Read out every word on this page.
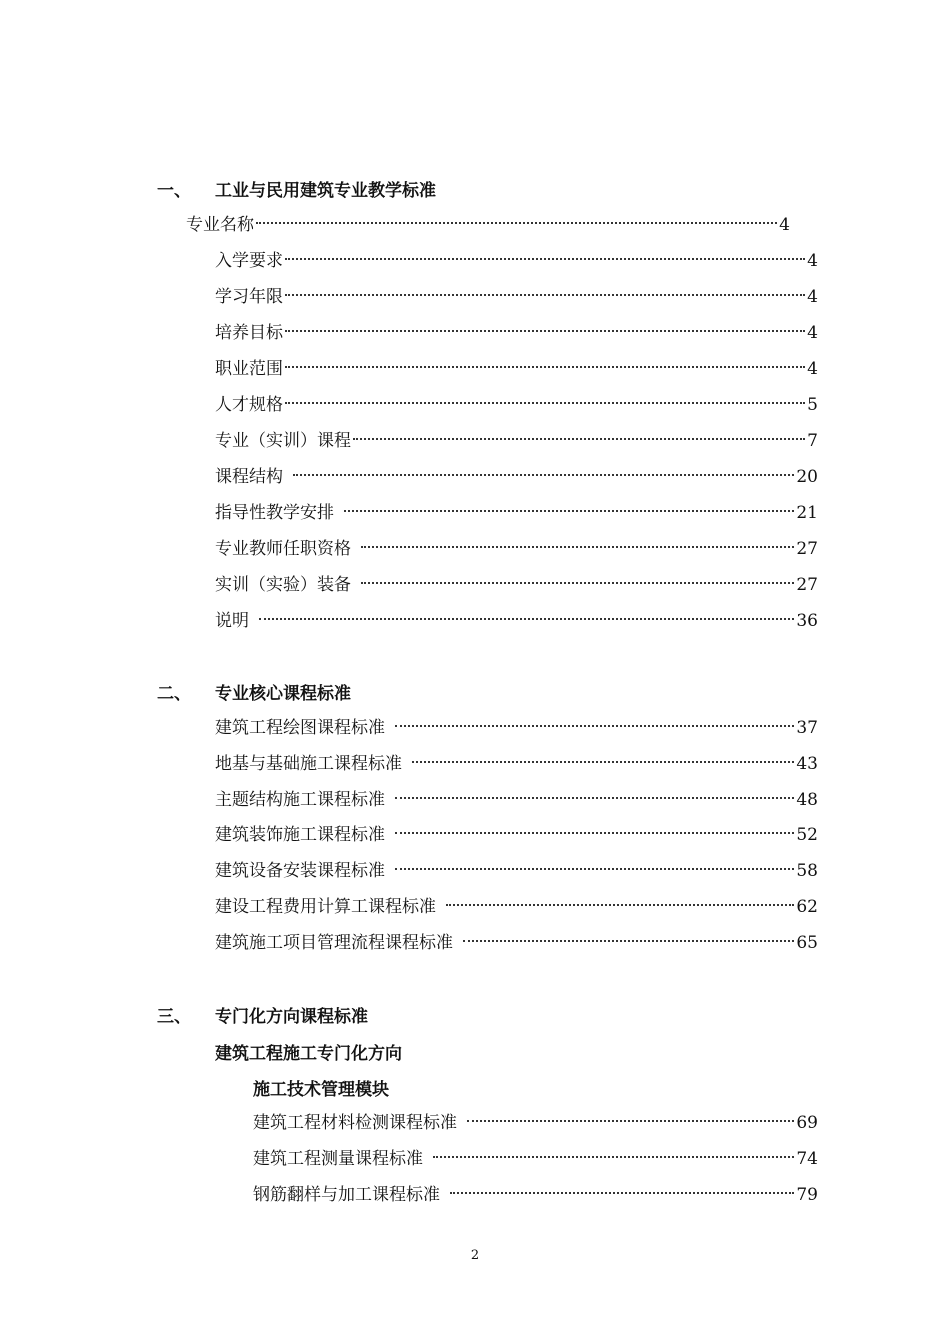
一、 工业与民用建筑专业教学标准
专业名称	4
入学要求	4
学习年限	4
培养目标	4
职业范围	4
人才规格	5
专业（实训）课程	7
课程结构	20
指导性教学安排	21
专业教师任职资格	27
实训（实验）装备	27
说明	36
二、 专业核心课程标准
建筑工程绘图课程标准	37
地基与基础施工课程标准	43
主题结构施工课程标准	48
建筑装饰施工课程标准	52
建筑设备安装课程标准	58
建设工程费用计算工课程标准	62
建筑施工项目管理流程课程标准	65
三、 专门化方向课程标准
建筑工程施工专门化方向
施工技术管理模块
建筑工程材料检测课程标准	69
建筑工程测量课程标准	74
钢筋翻样与加工课程标准	79
2
